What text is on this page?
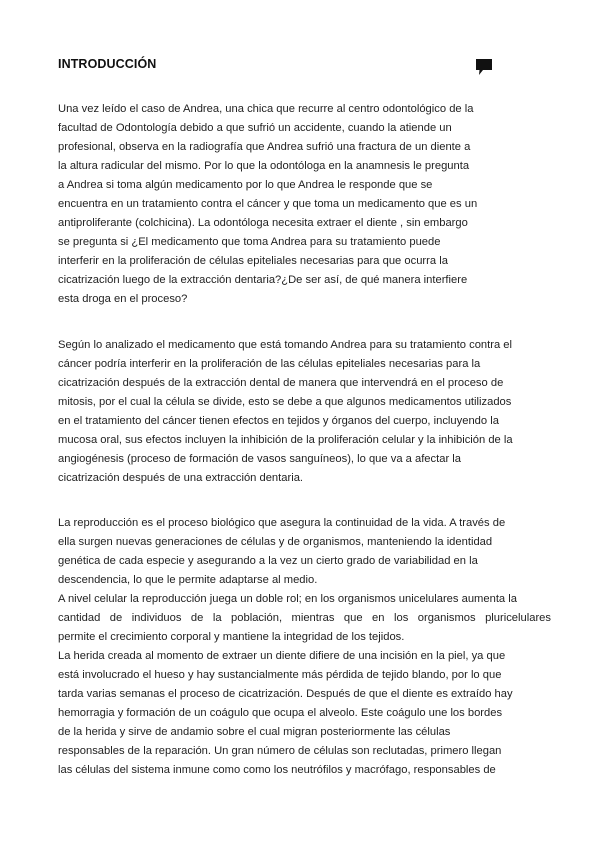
INTRODUCCIÓN
Una vez leído el caso de Andrea, una chica que recurre al centro odontológico de la
facultad de Odontología debido a que sufrió un accidente, cuando la atiende un
profesional, observa en la radiografía que Andrea sufrió una fractura de un diente a
la altura radicular del mismo. Por lo que la odontóloga en la anamnesis le pregunta
a Andrea si toma algún medicamento por lo que Andrea le responde que se
encuentra en un tratamiento contra el cáncer y que toma un medicamento que es un
antiproliferante (colchicina). La odontóloga necesita extraer el diente , sin embargo
se pregunta si ¿El medicamento que toma Andrea para su tratamiento puede
interferir en la proliferación de células epiteliales necesarias para que ocurra la
cicatrización luego de la extracción dentaria?¿De ser así, de qué manera interfiere
esta droga en el proceso?
Según lo analizado el medicamento que está tomando Andrea para su tratamiento contra el
cáncer podría interferir en la proliferación de las células epiteliales necesarias para la
cicatrización después de la extracción dental de manera que intervendrá en el proceso de
mitosis, por el cual la célula se divide, esto se debe a que algunos medicamentos utilizados
en el tratamiento del cáncer tienen efectos en tejidos y órganos del cuerpo, incluyendo la
mucosa oral, sus efectos incluyen la inhibición de la proliferación celular y la inhibición de la
angiogénesis (proceso de formación de vasos sanguíneos), lo que va a afectar la
cicatrización después de una extracción dentaria.
La reproducción es el proceso biológico que asegura la continuidad de la vida. A través de
ella surgen nuevas generaciones de células y de organismos, manteniendo la identidad
genética de cada especie y asegurando a la vez un cierto grado de variabilidad en la
descendencia, lo que le permite adaptarse al medio.
A nivel celular la reproducción juega un doble rol; en los organismos unicelulares aumenta la
cantidad de individuos de la población, mientras que en los organismos pluricelulares
permite el crecimiento corporal y mantiene la integridad de los tejidos.
La herida creada al momento de extraer un diente difiere de una incisión en la piel, ya que
está involucrado el hueso y hay sustancialmente más pérdida de tejido blando, por lo que
tarda varias semanas el proceso de cicatrización. Después de que el diente es extraído hay
hemorragia y formación de un coágulo que ocupa el alveolo. Este coágulo une los bordes
de la herida y sirve de andamio sobre el cual migran posteriormente las células
responsables de la reparación. Un gran número de células son reclutadas, primero llegan
las células del sistema inmune como como los neutrófilos y macrófago, responsables de
